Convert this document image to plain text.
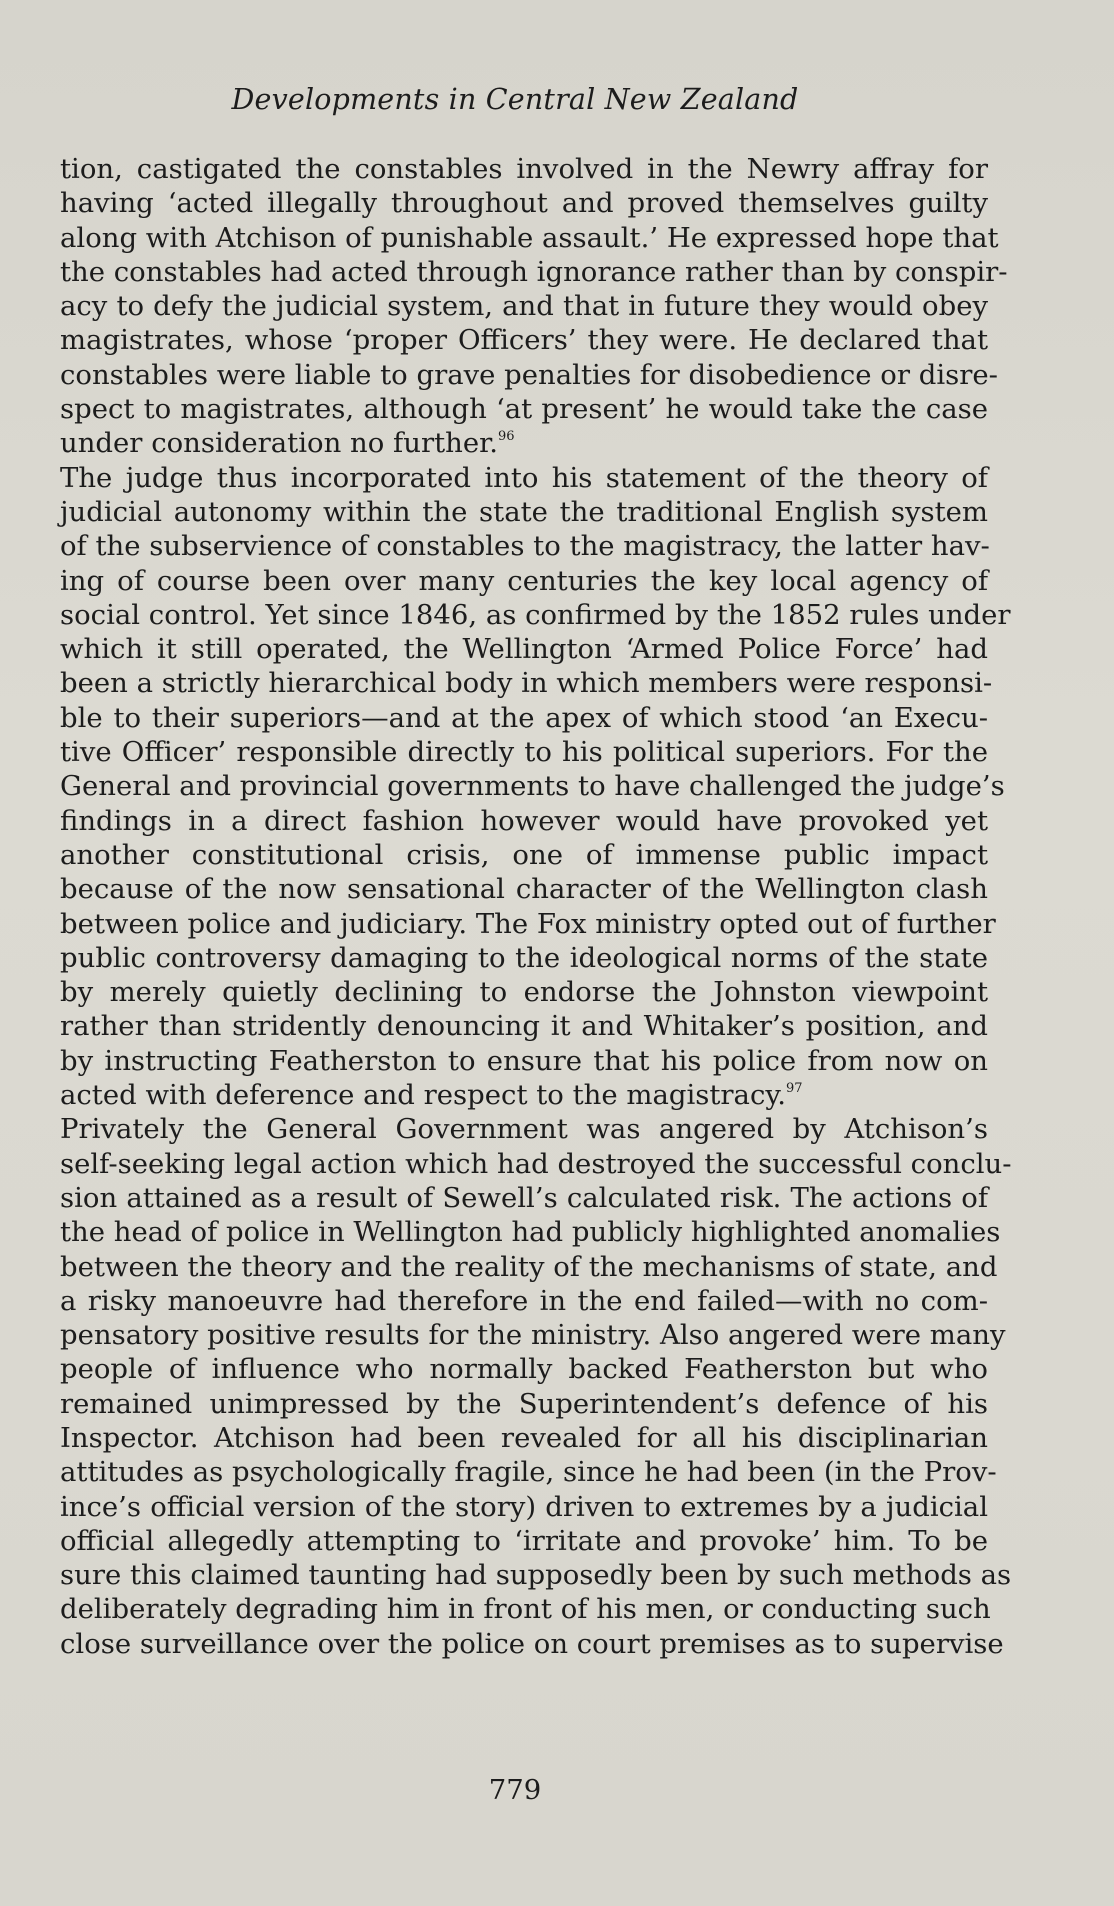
Developments in Central New Zealand
tion, castigated the constables involved in the Newry affray for
having ‘acted illegally throughout and proved themselves guilty
along with Atchison of punishable assault.’ He expressed hope that
the constables had acted through ignorance rather than by conspir-
acy to defy the judicial system, and that in future they would obey
magistrates, whose ‘proper Officers’ they were. He declared that
constables were liable to grave penalties for disobedience or disre-
spect to magistrates, although ‘at present’ he would take the case
under consideration no further.$^{96}$
The judge thus incorporated into his statement of the theory of
judicial autonomy within the state the traditional English system
of the subservience of constables to the magistracy, the latter hav-
ing of course been over many centuries the key local agency of
social control. Yet since 1846, as confirmed by the 1852 rules under
which it still operated, the Wellington ‘Armed Police Force’ had
been a strictly hierarchical body in which members were responsi-
ble to their superiors—and at the apex of which stood ‘an Execu-
tive Officer’ responsible directly to his political superiors. For the
General and provincial governments to have challenged the judge’s
findings in a direct fashion however would have provoked yet
another constitutional crisis, one of immense public impact
because of the now sensational character of the Wellington clash
between police and judiciary. The Fox ministry opted out of further
public controversy damaging to the ideological norms of the state
by merely quietly declining to endorse the Johnston viewpoint
rather than stridently denouncing it and Whitaker’s position, and
by instructing Featherston to ensure that his police from now on
acted with deference and respect to the magistracy.$^{97}$
Privately the General Government was angered by Atchison’s
self-seeking legal action which had destroyed the successful conclu-
sion attained as a result of Sewell’s calculated risk. The actions of
the head of police in Wellington had publicly highlighted anomalies
between the theory and the reality of the mechanisms of state, and
a risky manoeuvre had therefore in the end failed—with no com-
pensatory positive results for the ministry. Also angered were many
people of influence who normally backed Featherston but who
remained unimpressed by the Superintendent’s defence of his
Inspector. Atchison had been revealed for all his disciplinarian
attitudes as psychologically fragile, since he had been (in the Prov-
ince’s official version of the story) driven to extremes by a judicial
official allegedly attempting to ‘irritate and provoke’ him. To be
sure this claimed taunting had supposedly been by such methods as
deliberately degrading him in front of his men, or conducting such
close surveillance over the police on court premises as to supervise
779
